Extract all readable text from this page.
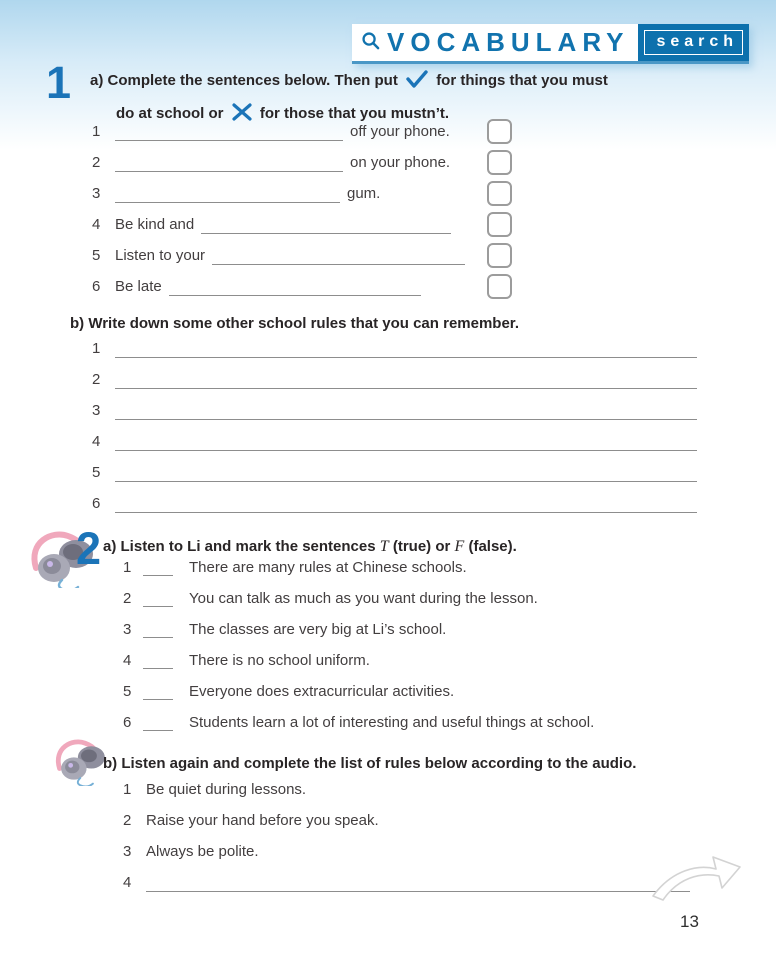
VOCABULARY	search
1 a) Complete the sentences below. Then put	for things that you must
do at school or for those that you mustn’t.
1	off your phone.
2	on your phone.
3	gum.
4 Be kind and
5 Listen to your
6 Be late
b) Write down some other school rules that you can remember.
1
2
3
4
5
6
2 a) Listen to Li and mark the sentences T (true) or F (false).
1	There are many rules at Chinese schools.
2	You can talk as much as you want during the lesson.
3	The classes are very big at Li’s school.
4	There is no school uniform.
5	Everyone does extracurricular activities.
6	Students learn a lot of interesting and useful things at school.
b) Listen again and complete the list of rules below according to the audio.
1 Be quiet during lessons.
2 Raise your hand before you speak.
3 Always be polite.
4
13
